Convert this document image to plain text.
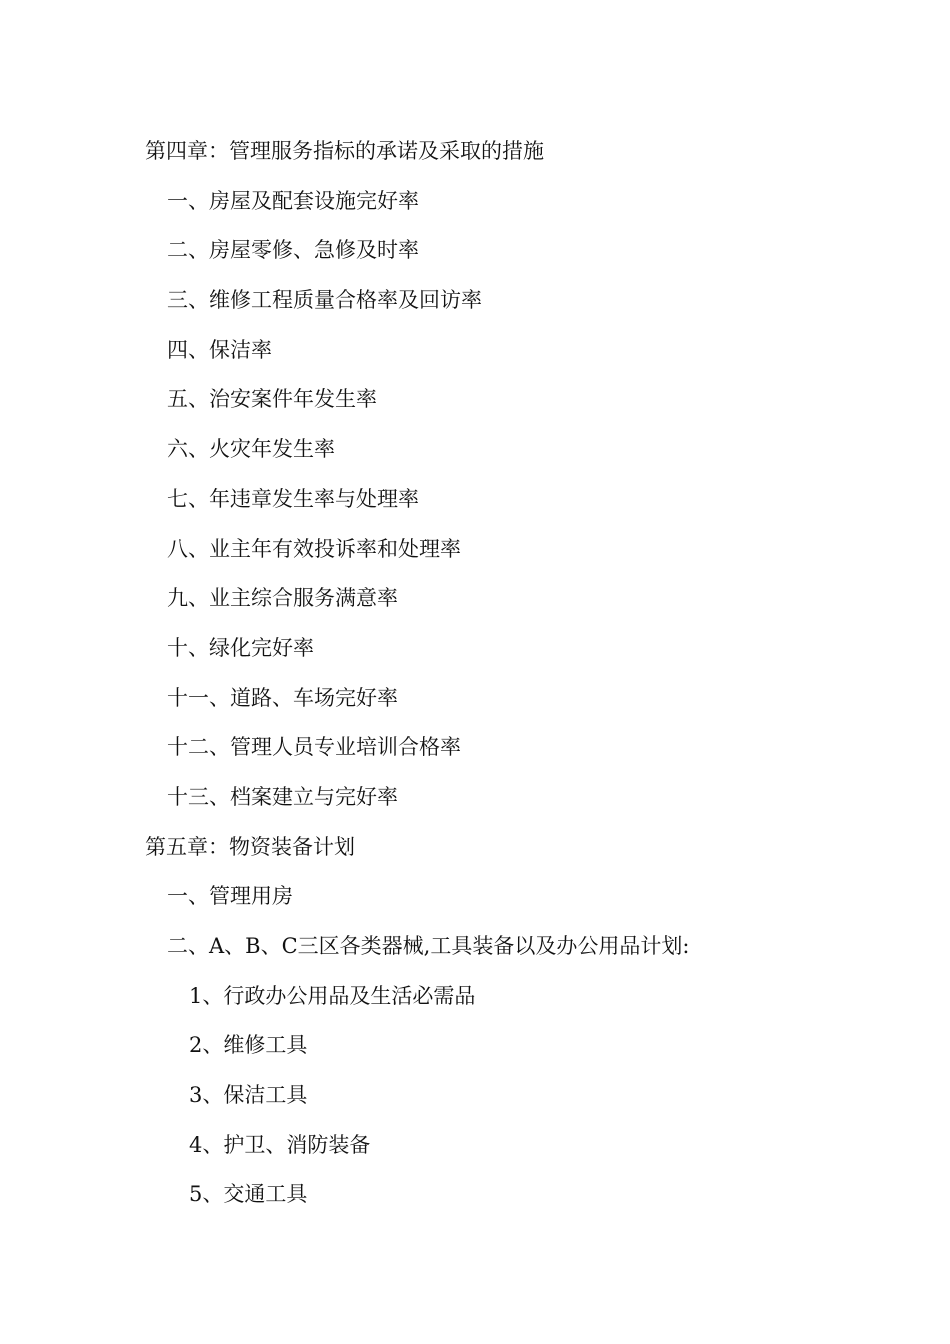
第四章：管理服务指标的承诺及采取的措施
一、房屋及配套设施完好率
二、房屋零修、急修及时率
三、维修工程质量合格率及回访率
四、保洁率
五、治安案件年发生率
六、火灾年发生率
七、年违章发生率与处理率
八、业主年有效投诉率和处理率
九、业主综合服务满意率
十、绿化完好率
十一、道路、车场完好率
十二、管理人员专业培训合格率
十三、档案建立与完好率
第五章：物资装备计划
一、管理用房
二、A、B、C三区各类器械,工具装备以及办公用品计划:
1、行政办公用品及生活必需品
2、维修工具
3、保洁工具
4、护卫、消防装备
5、交通工具
